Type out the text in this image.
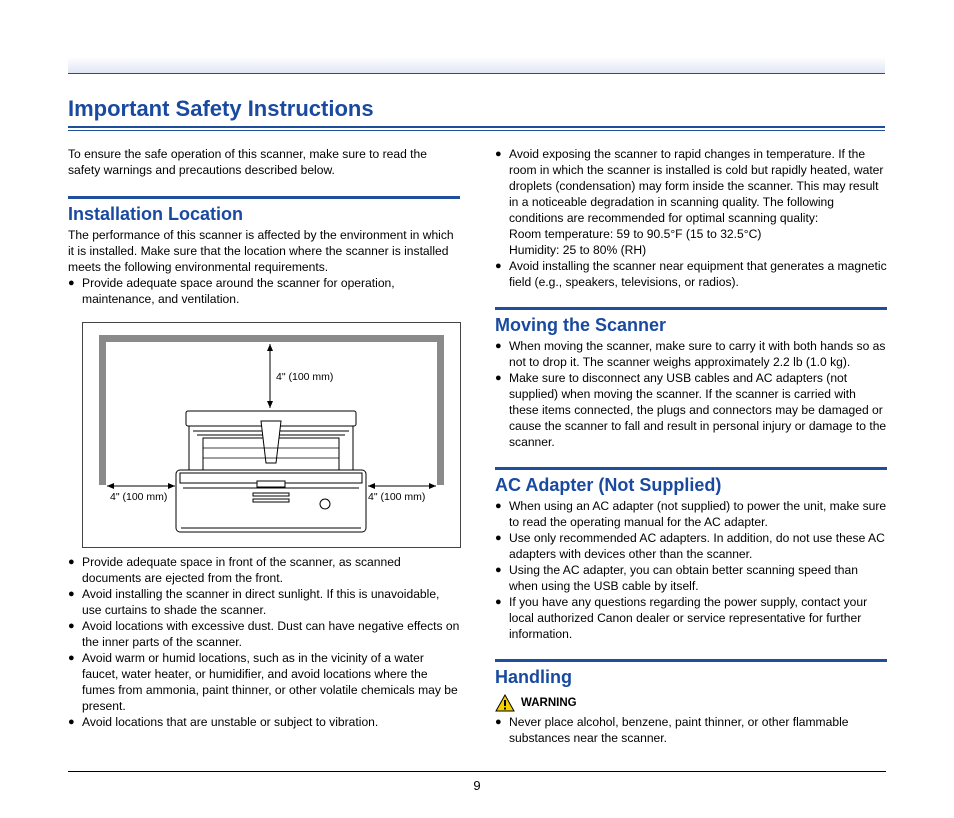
Important Safety Instructions

To ensure the safe operation of this scanner, make sure to read the safety warnings and precautions described below.

Installation Location

The performance of this scanner is affected by the environment in which it is installed. Make sure that the location where the scanner is installed meets the following environmental requirements.

● Provide adequate space around the scanner for operation, maintenance, and ventilation.
4" (100 mm)
4" (100 mm)	4" (100 mm)
● Provide adequate space in front of the scanner, as scanned documents are ejected from the front.
● Avoid installing the scanner in direct sunlight. If this is unavoidable, use curtains to shade the scanner.
● Avoid locations with excessive dust. Dust can have negative effects on the inner parts of the scanner.
● Avoid warm or humid locations, such as in the vicinity of a water faucet, water heater, or humidifier, and avoid locations where the fumes from ammonia, paint thinner, or other volatile chemicals may be present.
● Avoid locations that are unstable or subject to vibration.
● Avoid exposing the scanner to rapid changes in temperature. If the room in which the scanner is installed is cold but rapidly heated, water droplets (condensation) may form inside the scanner. This may result in a noticeable degradation in scanning quality. The following conditions are recommended for optimal scanning quality:
Room temperature: 59 to 90.5°F (15 to 32.5°C)
Humidity: 25 to 80% (RH)
● Avoid installing the scanner near equipment that generates a magnetic field (e.g., speakers, televisions, or radios).
Moving the Scanner
● When moving the scanner, make sure to carry it with both hands so as not to drop it. The scanner weighs approximately 2.2 lb (1.0 kg).
● Make sure to disconnect any USB cables and AC adapters (not supplied) when moving the scanner. If the scanner is carried with these items connected, the plugs and connectors may be damaged or cause the scanner to fall and result in personal injury or damage to the scanner.
AC Adapter (Not Supplied)
● When using an AC adapter (not supplied) to power the unit, make sure to read the operating manual for the AC adapter.
● Use only recommended AC adapters. In addition, do not use these AC adapters with devices other than the scanner.
● Using the AC adapter, you can obtain better scanning speed than when using the USB cable by itself.
● If you have any questions regarding the power supply, contact your local authorized Canon dealer or service representative for further information.
Handling
WARNING
● Never place alcohol, benzene, paint thinner, or other flammable substances near the scanner.
9
